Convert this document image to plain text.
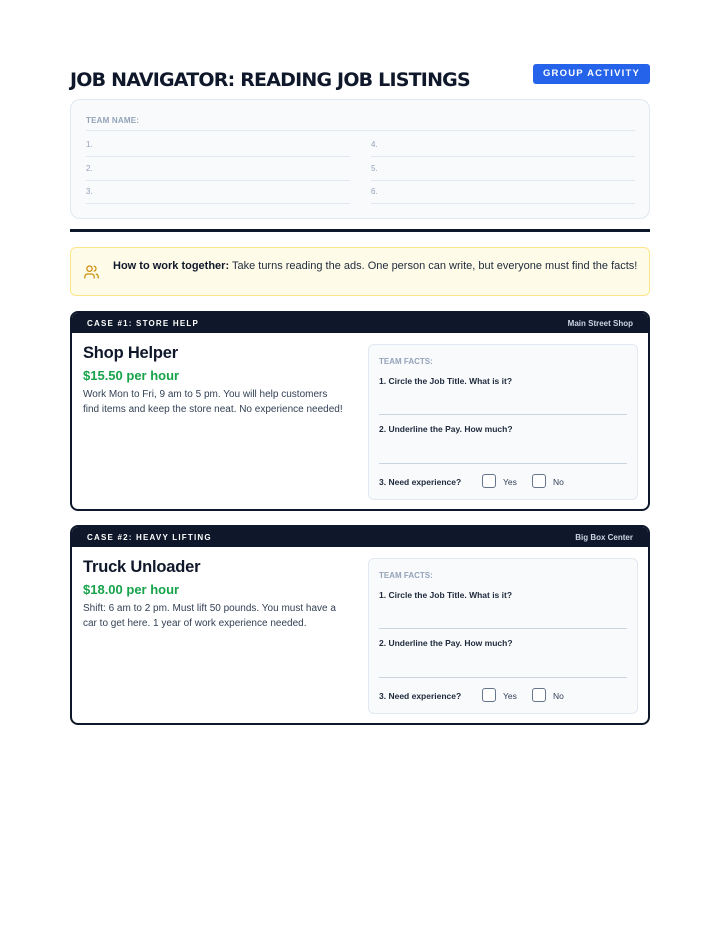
JOB NAVIGATOR: READING JOB LISTINGS	GROUP ACTIVITY
TEAM NAME:
1.
2.
3.
4.
5.
6.
How to work together: Take turns reading the ads. One person can write, but everyone must find the facts!
CASE #1: STORE HELP	Main Street Shop
Shop Helper
$15.50 per hour
Work Mon to Fri, 9 am to 5 pm. You will help customers find items and keep the store neat. No experience needed!
TEAM FACTS:
1. Circle the Job Title. What is it?
2. Underline the Pay. How much?
3. Need experience?	Yes	No
CASE #2: HEAVY LIFTING	Big Box Center
Truck Unloader
$18.00 per hour
Shift: 6 am to 2 pm. Must lift 50 pounds. You must have a car to get here. 1 year of work experience needed.
TEAM FACTS:
1. Circle the Job Title. What is it?
2. Underline the Pay. How much?
3. Need experience?	Yes	No
